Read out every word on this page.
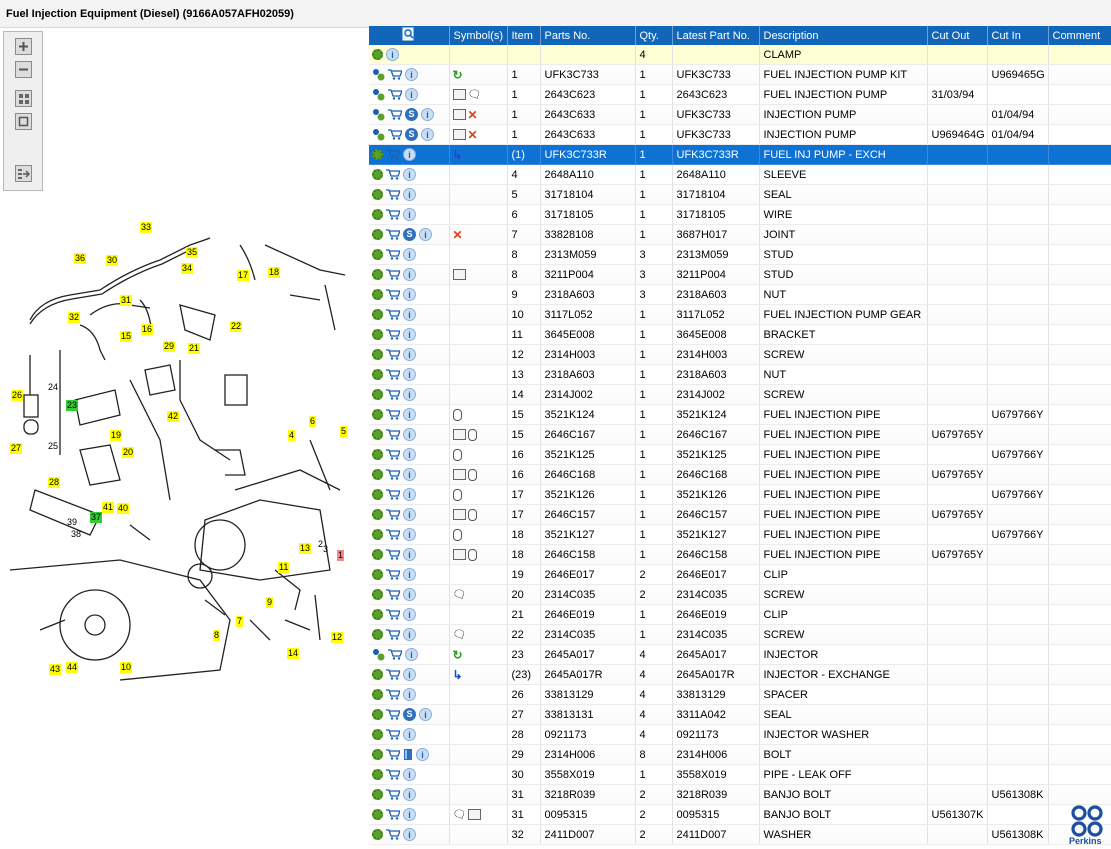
Fuel Injection Equipment (Diesel) (9166A057AFH02059)
33
36 30
35
34
17 18
31
32
16
15
29 21
22
26
23
24
42
19
25
27	20
28
6
4	5
37
38
39
41 40
13 2 3
1
11
9
7
8
10
12
14
43 44
	Symbol(s)	Item	Parts No.	Qty.	Latest Part No.	Description	Cut Out	Cut In	Comment
i				4		CLAMP			
i	↻	1	UFK3C733	1	UFK3C733	FUEL INJECTION PUMP KIT		U969465G	
i	🗨	1	2643C623	1	2643C623	FUEL INJECTION PUMP	31/03/94		
S i	✕	1	2643C633	1	UFK3C733	INJECTION PUMP		01/04/94	
S i	✕	1	2643C633	1	UFK3C733	INJECTION PUMP	U969464G	01/04/94	
i	↳	(1)	UFK3C733R	1	UFK3C733R	FUEL INJ PUMP - EXCH			
i		4	2648A110	1	2648A110	SLEEVE			
i		5	31718104	1	31718104	SEAL			
i		6	31718105	1	31718105	WIRE			
S i	✕	7	33828108	1	3687H017	JOINT			
i		8	2313M059	3	2313M059	STUD			
i		8	3211P004	3	3211P004	STUD			
i		9	2318A603	3	2318A603	NUT			
i		10	3117L052	1	3117L052	FUEL INJECTION PUMP GEAR			
i		11	3645E008	1	3645E008	BRACKET			
i		12	2314H003	1	2314H003	SCREW			
i		13	2318A603	1	2318A603	NUT			
i		14	2314J002	1	2314J002	SCREW			
i		15	3521K124	1	3521K124	FUEL INJECTION PIPE		U679766Y	
i		15	2646C167	1	2646C167	FUEL INJECTION PIPE	U679765Y		
i		16	3521K125	1	3521K125	FUEL INJECTION PIPE		U679766Y	
i		16	2646C168	1	2646C168	FUEL INJECTION PIPE	U679765Y		
i		17	3521K126	1	3521K126	FUEL INJECTION PIPE		U679766Y	
i		17	2646C157	1	2646C157	FUEL INJECTION PIPE	U679765Y		
i		18	3521K127	1	3521K127	FUEL INJECTION PIPE		U679766Y	
i		18	2646C158	1	2646C158	FUEL INJECTION PIPE	U679765Y		
i		19	2646E017	2	2646E017	CLIP			
i	🗨	20	2314C035	2	2314C035	SCREW			
i		21	2646E019	1	2646E019	CLIP			
i	🗨	22	2314C035	1	2314C035	SCREW			
i	↻	23	2645A017	4	2645A017	INJECTOR			
i	↳	(23)	2645A017R	4	2645A017R	INJECTOR - EXCHANGE			
i		26	33813129	4	33813129	SPACER			
S i		27	33813131	4	3311A042	SEAL			
i		28	0921173	4	0921173	INJECTOR WASHER			
i		29	2314H006	8	2314H006	BOLT			
i		30	3558X019	1	3558X019	PIPE - LEAK OFF			
i		31	3218R039	2	3218R039	BANJO BOLT		U561308K	
i	🗨	31	0095315	2	0095315	BANJO BOLT	U561307K		
i		32	2411D007	2	2411D007	WASHER		U561308K	
Perkins
